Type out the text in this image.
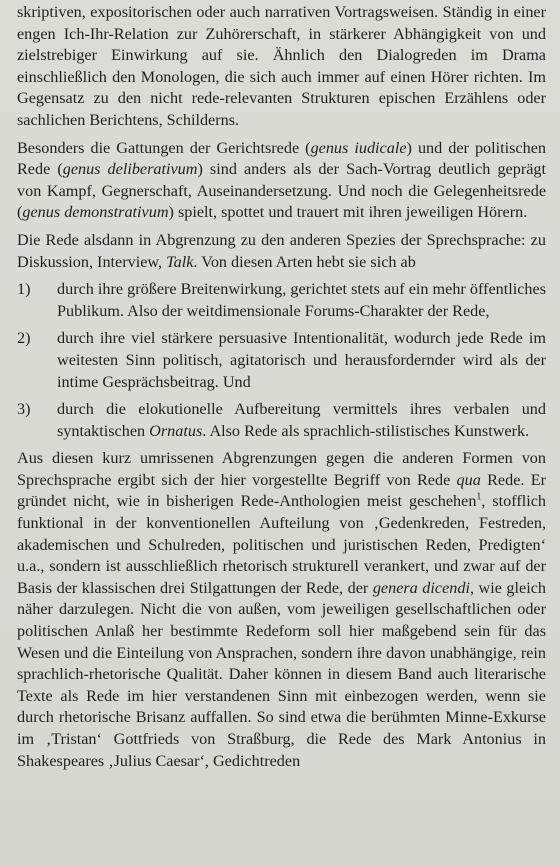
skriptiven, expositorischen oder auch narrativen Vortragsweisen. Ständig in einer engen Ich-Ihr-Relation zur Zuhörerschaft, in stärkerer Abhängigkeit von und zielstrebiger Einwirkung auf sie. Ähnlich den Dialogreden im Drama einschließlich den Monologen, die sich auch immer auf einen Hörer richten. Im Gegensatz zu den nicht rede-relevanten Strukturen epischen Erzählens oder sachlichen Berichtens, Schilderns.

Besonders die Gattungen der Gerichtsrede (genus iudicale) und der politischen Rede (genus deliberativum) sind anders als der Sach-Vortrag deutlich geprägt von Kampf, Gegnerschaft, Auseinandersetzung. Und noch die Gelegenheitsrede (genus demonstrativum) spielt, spottet und trauert mit ihren jeweiligen Hörern.

Die Rede alsdann in Abgrenzung zu den anderen Spezies der Sprechsprache: zu Diskussion, Interview, Talk. Von diesen Arten hebt sie sich ab

1)	durch ihre größere Breitenwirkung, gerichtet stets auf ein mehr öffentliches Publikum. Also der weitdimensionale Forums-Charakter der Rede,
2)	durch ihre viel stärkere persuasive Intentionalität, wodurch jede Rede im weitesten Sinn politisch, agitatorisch und herausfordernder wird als der intime Gesprächsbeitrag. Und
3)	durch die elokutionelle Aufbereitung vermittels ihres verbalen und syntaktischen Ornatus. Also Rede als sprachlich-stilistisches Kunstwerk.

Aus diesen kurz umrissenen Abgrenzungen gegen die anderen Formen von Sprechsprache ergibt sich der hier vorgestellte Begriff von Rede qua Rede. Er gründet nicht, wie in bisherigen Rede-Anthologien meist geschehen$^1$, stofflich funktional in der konventionellen Aufteilung von ‚Gedenkreden, Festreden, akademischen und Schulreden, politischen und juristischen Reden, Predigten‘ u.a., sondern ist ausschließlich rhetorisch strukturell verankert, und zwar auf der Basis der klassischen drei Stilgattungen der Rede, der genera dicendi, wie gleich näher darzulegen. Nicht die von außen, vom jeweiligen gesellschaftlichen oder politischen Anlaß her bestimmte Redeform soll hier maßgebend sein für das Wesen und die Einteilung von Ansprachen, sondern ihre davon unabhängige, rein sprachlich-rhetorische Qualität. Daher können in diesem Band auch literarische Texte als Rede im hier verstandenen Sinn mit einbezogen werden, wenn sie durch rhetorische Brisanz auffallen. So sind etwa die berühmten Minne-Exkurse im ‚Tristan‘ Gottfrieds von Straßburg, die Rede des Mark Antonius in Shakespeares ‚Julius Caesar‘, Gedichtreden
